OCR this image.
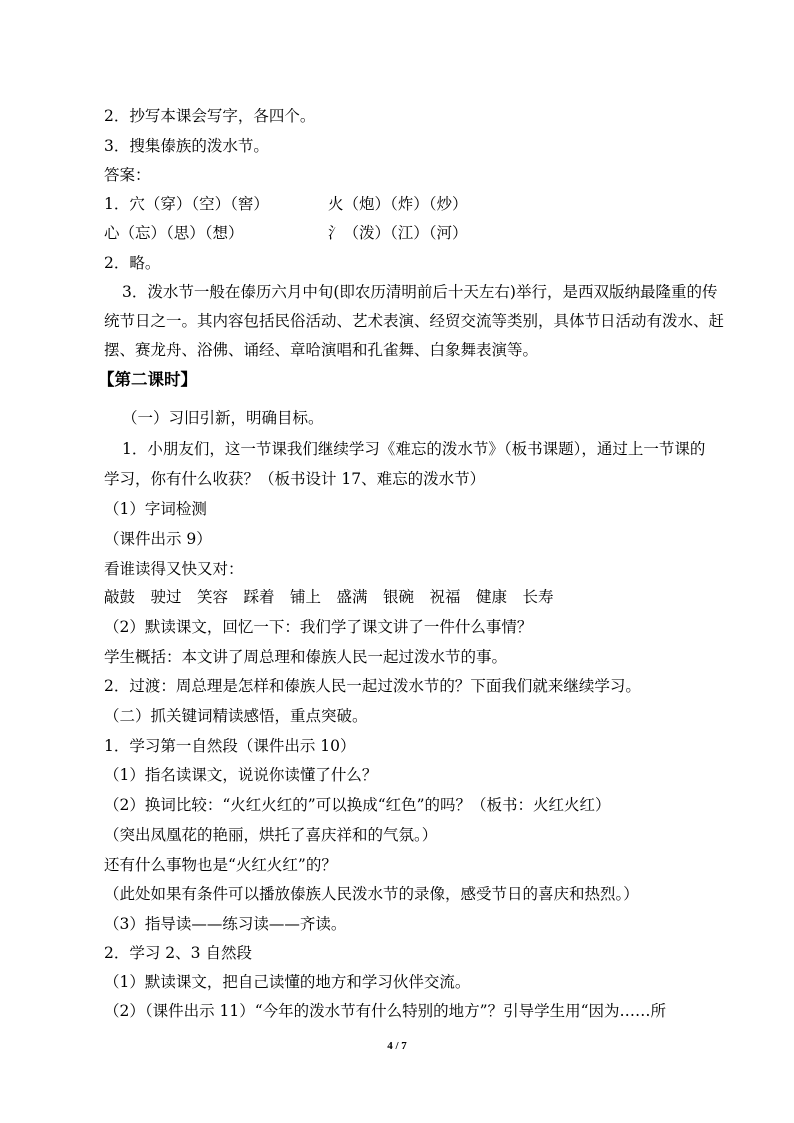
2．抄写本课会写字，各四个。
3．搜集傣族的泼水节。
答案：
1．穴（穿）（空）（窖）	火（炮）（炸）（炒）
心（忘）（思）（想）	氵（泼）（江）（河）
2．略。
3．泼水节一般在傣历六月中旬(即农历清明前后十天左右)举行，是西双版纳最隆重的传
统节日之一。其内容包括民俗活动、艺术表演、经贸交流等类别，具体节日活动有泼水、赶
摆、赛龙舟、浴佛、诵经、章哈演唱和孔雀舞、白象舞表演等。
【第二课时】
（一）习旧引新，明确目标。
1．小朋友们，这一节课我们继续学习《难忘的泼水节》（板书课题），通过上一节课的
学习，你有什么收获？（板书设计 17、难忘的泼水节）
（1）字词检测
（课件出示 9）
看谁读得又快又对：
敲鼓　驶过　笑容　踩着　铺上　盛满　银碗　祝福　健康　长寿
（2）默读课文，回忆一下：我们学了课文讲了一件什么事情？
学生概括：本文讲了周总理和傣族人民一起过泼水节的事。
2．过渡：周总理是怎样和傣族人民一起过泼水节的？下面我们就来继续学习。
（二）抓关键词精读感悟，重点突破。
1．学习第一自然段（课件出示 10）
（1）指名读课文，说说你读懂了什么？
（2）换词比较：“火红火红的”可以换成“红色”的吗？（板书：火红火红）
（突出凤凰花的艳丽，烘托了喜庆祥和的气氛。）
还有什么事物也是“火红火红”的？
（此处如果有条件可以播放傣族人民泼水节的录像，感受节日的喜庆和热烈。）
（3）指导读——练习读——齐读。
2．学习 2、3 自然段
（1）默读课文，把自己读懂的地方和学习伙伴交流。
（2）（课件出示 11）“今年的泼水节有什么特别的地方”？引导学生用“因为……所
4 / 7
